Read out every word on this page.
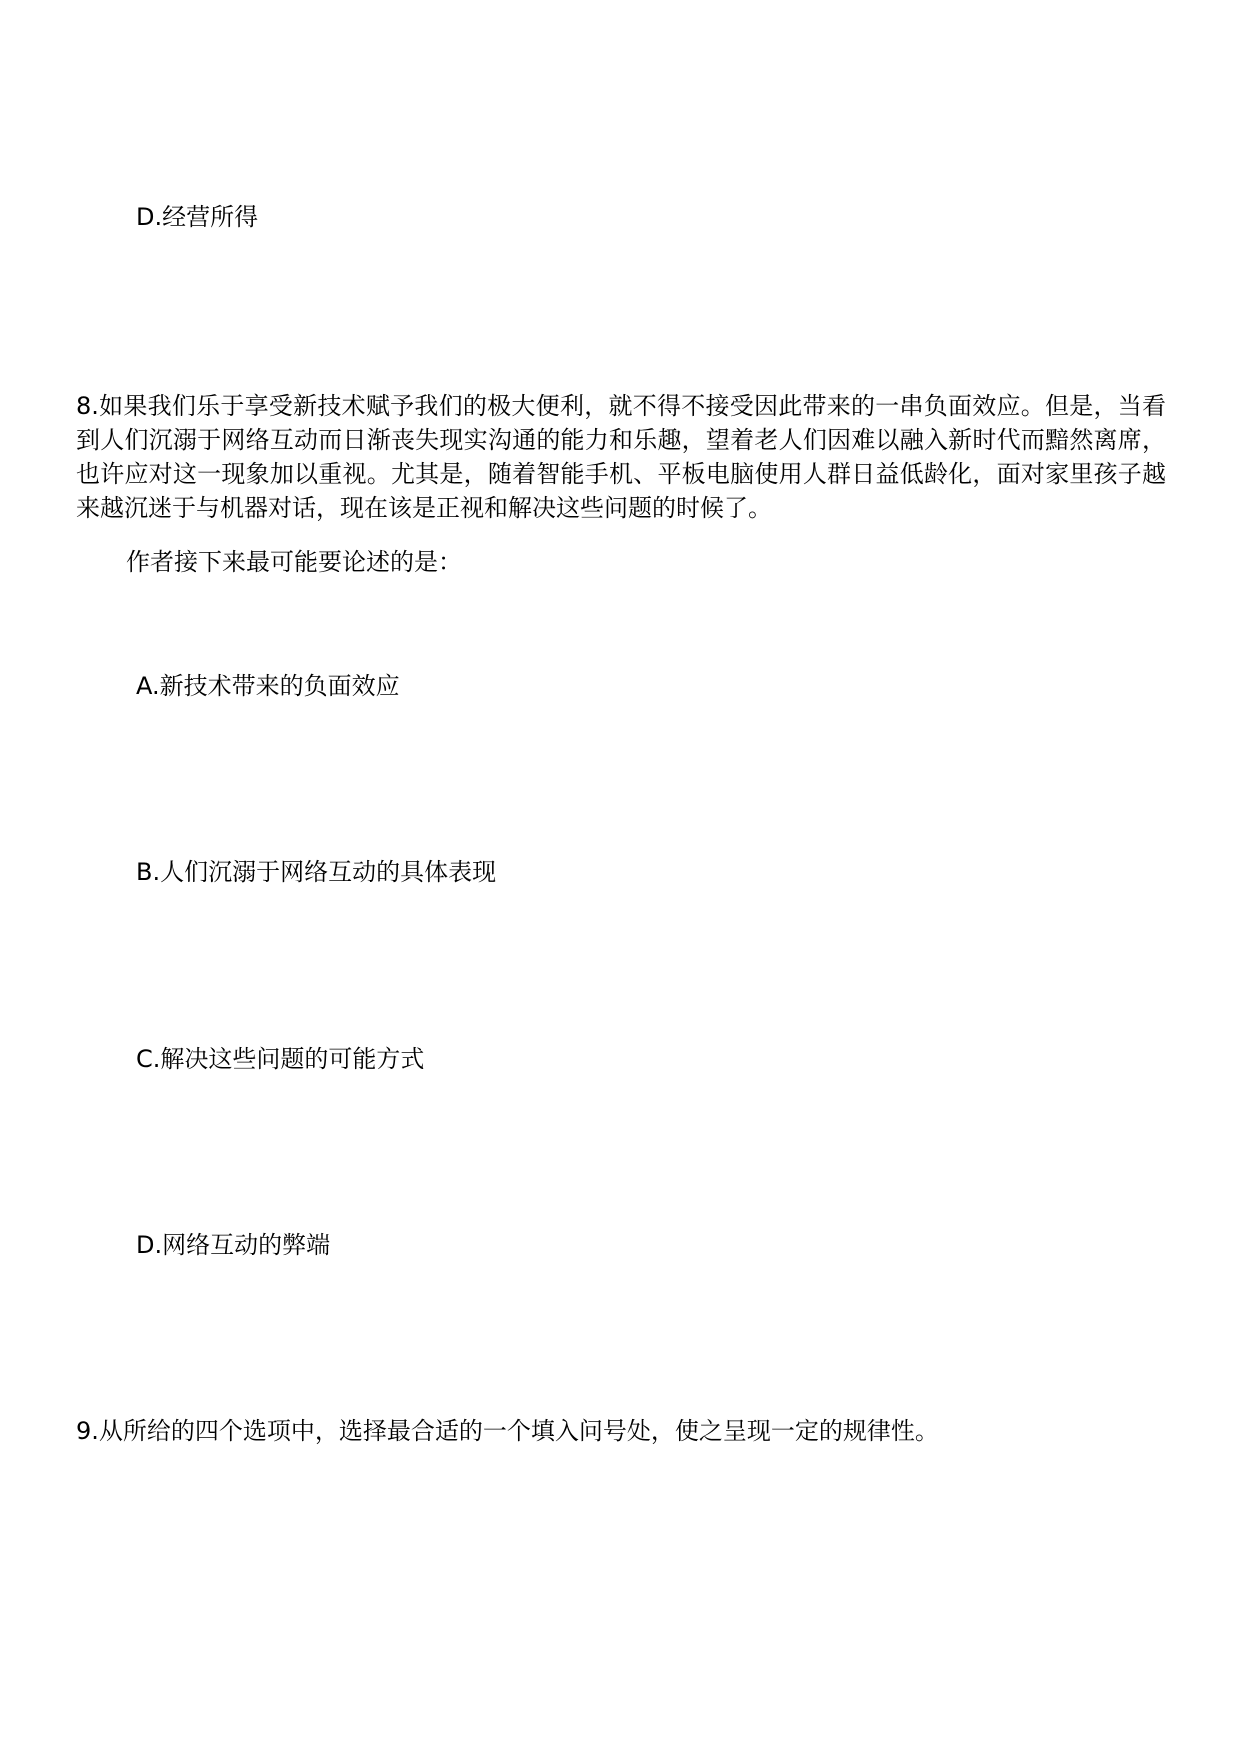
D.经营所得
8.如果我们乐于享受新技术赋予我们的极大便利，就不得不接受因此带来的一串负面效应。但是，当看到人们沉溺于网络互动而日渐丧失现实沟通的能力和乐趣，望着老人们因难以融入新时代而黯然离席，也许应对这一现象加以重视。尤其是，随着智能手机、平板电脑使用人群日益低龄化，面对家里孩子越来越沉迷于与机器对话，现在该是正视和解决这些问题的时候了。
作者接下来最可能要论述的是：
A.新技术带来的负面效应
B.人们沉溺于网络互动的具体表现
C.解决这些问题的可能方式
D.网络互动的弊端
9.从所给的四个选项中，选择最合适的一个填入问号处，使之呈现一定的规律性。
